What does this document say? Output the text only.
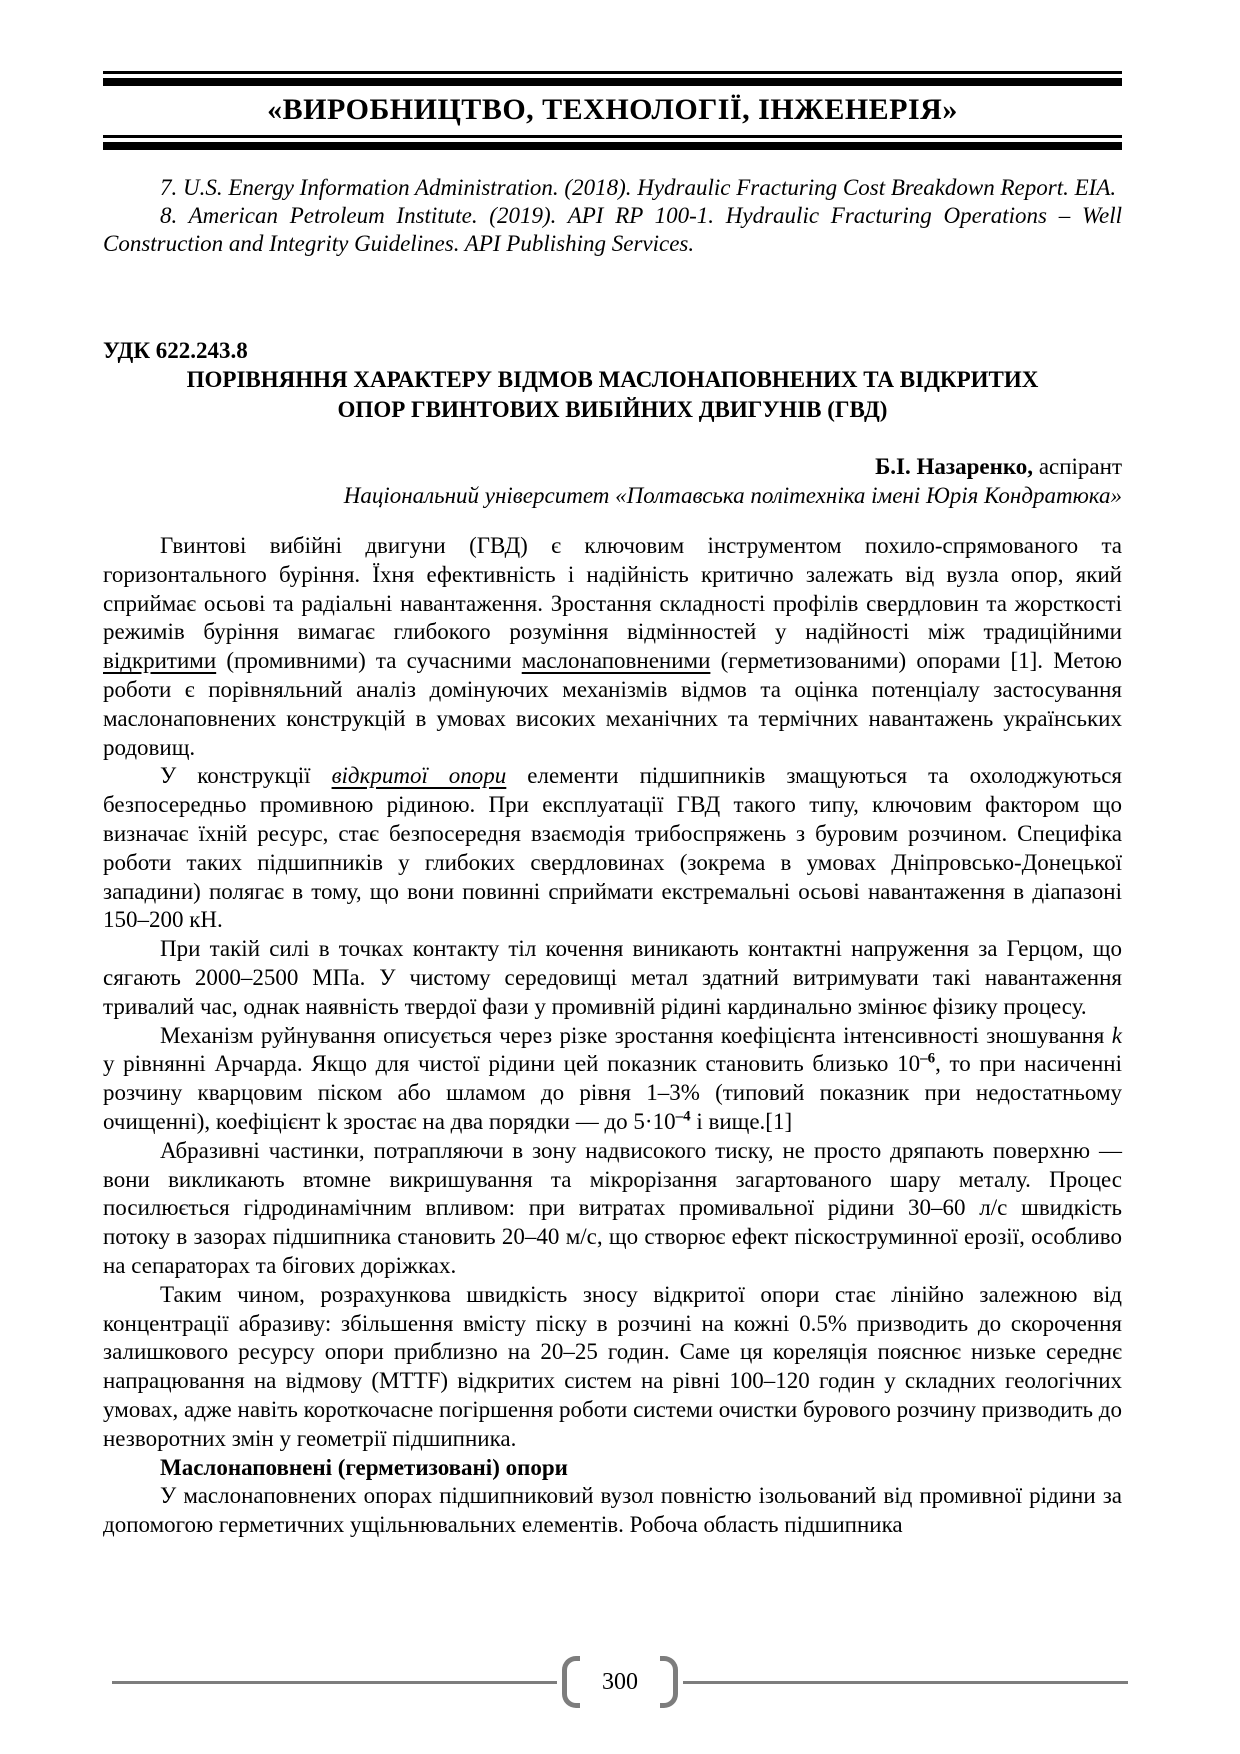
«ВИРОБНИЦТВО, ТЕХНОЛОГІЇ, ІНЖЕНЕРІЯ»

7. U.S. Energy Information Administration. (2018). Hydraulic Fracturing Cost Breakdown Report. EIA.

8. American Petroleum Institute. (2019). API RP 100-1. Hydraulic Fracturing Operations – Well Construction and Integrity Guidelines. API Publishing Services.

УДК 622.243.8
ПОРІВНЯННЯ ХАРАКТЕРУ ВІДМОВ МАСЛОНАПОВНЕНИХ ТА ВІДКРИТИХ
ОПОР ГВИНТОВИХ ВИБІЙНИХ ДВИГУНІВ (ГВД)
Б.І. Назаренко, аспірант
Національний університет «Полтавська політехніка імені Юрія Кондратюка»

Гвинтові вибійні двигуни (ГВД) є ключовим інструментом похило-спрямованого та горизонтального буріння. Їхня ефективність і надійність критично залежать від вузла опор, який сприймає осьові та радіальні навантаження. Зростання складності профілів свердловин та жорсткості режимів буріння вимагає глибокого розуміння відмінностей у надійності між традиційними відкритими (промивними) та сучасними маслонаповненими (герметизованими) опорами [1]. Метою роботи є порівняльний аналіз домінуючих механізмів відмов та оцінка потенціалу застосування маслонаповнених конструкцій в умовах високих механічних та термічних навантажень українських родовищ.

У конструкції відкритої опори елементи підшипників змащуються та охолоджуються безпосередньо промивною рідиною. При експлуатації ГВД такого типу, ключовим фактором що визначає їхній ресурс, стає безпосередня взаємодія трибоспряжень з буровим розчином. Специфіка роботи таких підшипників у глибоких свердловинах (зокрема в умовах Дніпровсько-Донецької западини) полягає в тому, що вони повинні сприймати екстремальні осьові навантаження в діапазоні 150–200 кН.

При такій силі в точках контакту тіл кочення виникають контактні напруження за Герцом, що сягають 2000–2500 МПа. У чистому середовищі метал здатний витримувати такі навантаження тривалий час, однак наявність твердої фази у промивній рідині кардинально змінює фізику процесу.

Механізм руйнування описується через різке зростання коефіцієнта інтенсивності зношування k у рівнянні Арчарда. Якщо для чистої рідини цей показник становить близько $10^{-6}$, то при насиченні розчину кварцовим піском або шламом до рівня 1–3% (типовий показник при недостатньому очищенні), коефіцієнт k зростає на два порядки — до $5\cdot 10^{-4}$ і вище.[1]

Абразивні частинки, потрапляючи в зону надвисокого тиску, не просто дряпають поверхню — вони викликають втомне викришування та мікрорізання загартованого шару металу. Процес посилюється гідродинамічним впливом: при витратах промивальної рідини 30–60 л/с швидкість потоку в зазорах підшипника становить 20–40 м/с, що створює ефект піскоструминної ерозії, особливо на сепараторах та бігових доріжках.

Таким чином, розрахункова швидкість зносу відкритої опори стає лінійно залежною від концентрації абразиву: збільшення вмісту піску в розчині на кожні 0.5% призводить до скорочення залишкового ресурсу опори приблизно на 20–25 годин. Саме ця кореляція пояснює низьке середнє напрацювання на відмову (MTTF) відкритих систем на рівні 100–120 годин у складних геологічних умовах, адже навіть короткочасне погіршення роботи системи очистки бурового розчину призводить до незворотних змін у геометрії підшипника.

Маслонаповнені (герметизовані) опори

У маслонаповнених опорах підшипниковий вузол повністю ізольований від промивної рідини за допомогою герметичних ущільнювальних елементів. Робоча область підшипника

300
